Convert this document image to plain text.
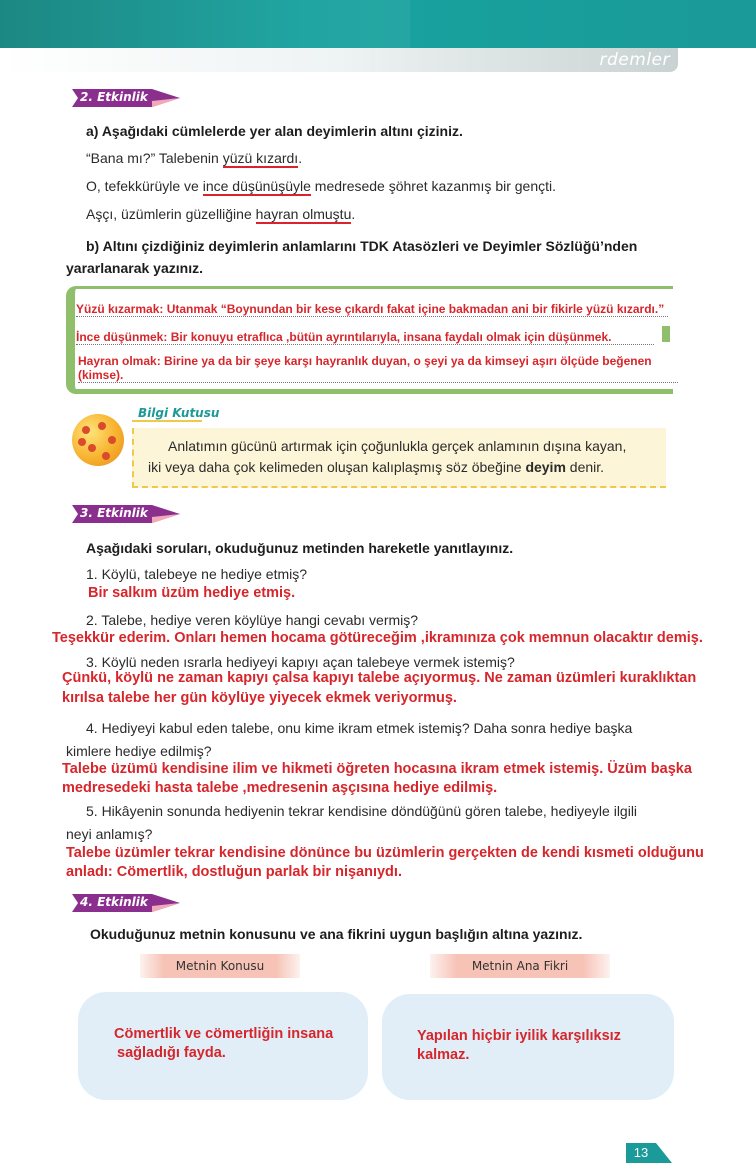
rdemler
2. Etkinlik
a) Aşağıdaki cümlelerde yer alan deyimlerin altını çiziniz.
“Bana mı?” Talebenin yüzü kızardı.
O, tefekkürüyle ve ince düşünüşüyle medresede şöhret kazanmış bir gençti.
Aşçı, üzümlerin güzelliğine hayran olmuştu.
b) Altını çizdiğiniz deyimlerin anlamlarını TDK Atasözleri ve Deyimler Sözlüğü’nden
yararlanarak yazınız.
Yüzü kızarmak: Utanmak “Boynundan bir kese çıkardı fakat içine bakmadan ani bir fikirle yüzü kızardı.”
İnce düşünmek: Bir konuyu etraflıca ,bütün ayrıntılarıyla, insana faydalı olmak için düşünmek.
Hayran olmak: Birine ya da bir şeye karşı hayranlık duyan, o şeyi ya da kimseyi aşırı ölçüde beğenen (kimse).
Bilgi Kutusu
Anlatımın gücünü artırmak için çoğunlukla gerçek anlamının dışına kayan,
iki veya daha çok kelimeden oluşan kalıplaşmış söz öbeğine deyim denir.
3. Etkinlik
Aşağıdaki soruları, okuduğunuz metinden hareketle yanıtlayınız.
1. Köylü, talebeye ne hediye etmiş?
Bir salkım üzüm hediye etmiş.
2. Talebe, hediye veren köylüye hangi cevabı vermiş?
Teşekkür ederim. Onları hemen hocama götüreceğim ,ikramınıza çok memnun olacaktır demiş.
3. Köylü neden ısrarla hediyeyi kapıyı açan talebeye vermek istemiş?
Çünkü, köylü ne zaman kapıyı çalsa kapıyı talebe açıyormuş. Ne zaman üzümleri kuraklıktan
kırılsa talebe her gün köylüye yiyecek ekmek veriyormuş.
4. Hediyeyi kabul eden talebe, onu kime ikram etmek istemiş? Daha sonra hediye başka
kimlere hediye edilmiş?
Talebe üzümü kendisine ilim ve hikmeti öğreten hocasına ikram etmek istemiş. Üzüm başka
medresedeki hasta talebe ,medresenin aşçısına hediye edilmiş.
5. Hikâyenin sonunda hediyenin tekrar kendisine döndüğünü gören talebe, hediyeyle ilgili
neyi anlamış?
Talebe üzümler tekrar kendisine dönünce bu üzümlerin gerçekten de kendi kısmeti olduğunu
anladı: Cömertlik, dostluğun parlak bir nişanıydı.
4. Etkinlik
Okuduğunuz metnin konusunu ve ana fikrini uygun başlığın altına yazınız.
Metnin Konusu	Metnin Ana Fikri
Cömertlik ve cömertliğin insana
sağladığı fayda.
Yapılan hiçbir iyilik karşılıksız
kalmaz.
13
